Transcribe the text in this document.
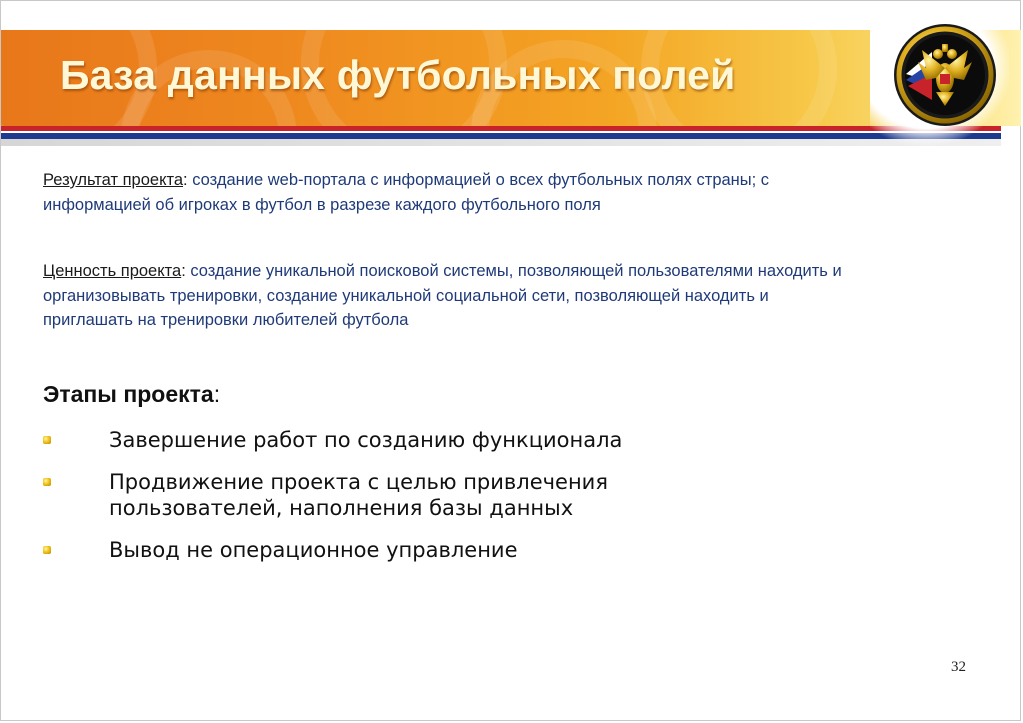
База данных футбольных полей
Результат проекта: создание web-портала с информацией о всех футбольных полях страны; с информацией об игроках в футбол в разрезе каждого футбольного поля
Ценность проекта: создание уникальной поисковой системы, позволяющей пользователями находить и организовывать тренировки, создание уникальной социальной сети, позволяющей находить и приглашать на тренировки любителей футбола
Этапы проекта:
Завершение работ по созданию функционала
Продвижение проекта с целью привлечения пользователей, наполнения базы данных
Вывод не операционное управление
32
